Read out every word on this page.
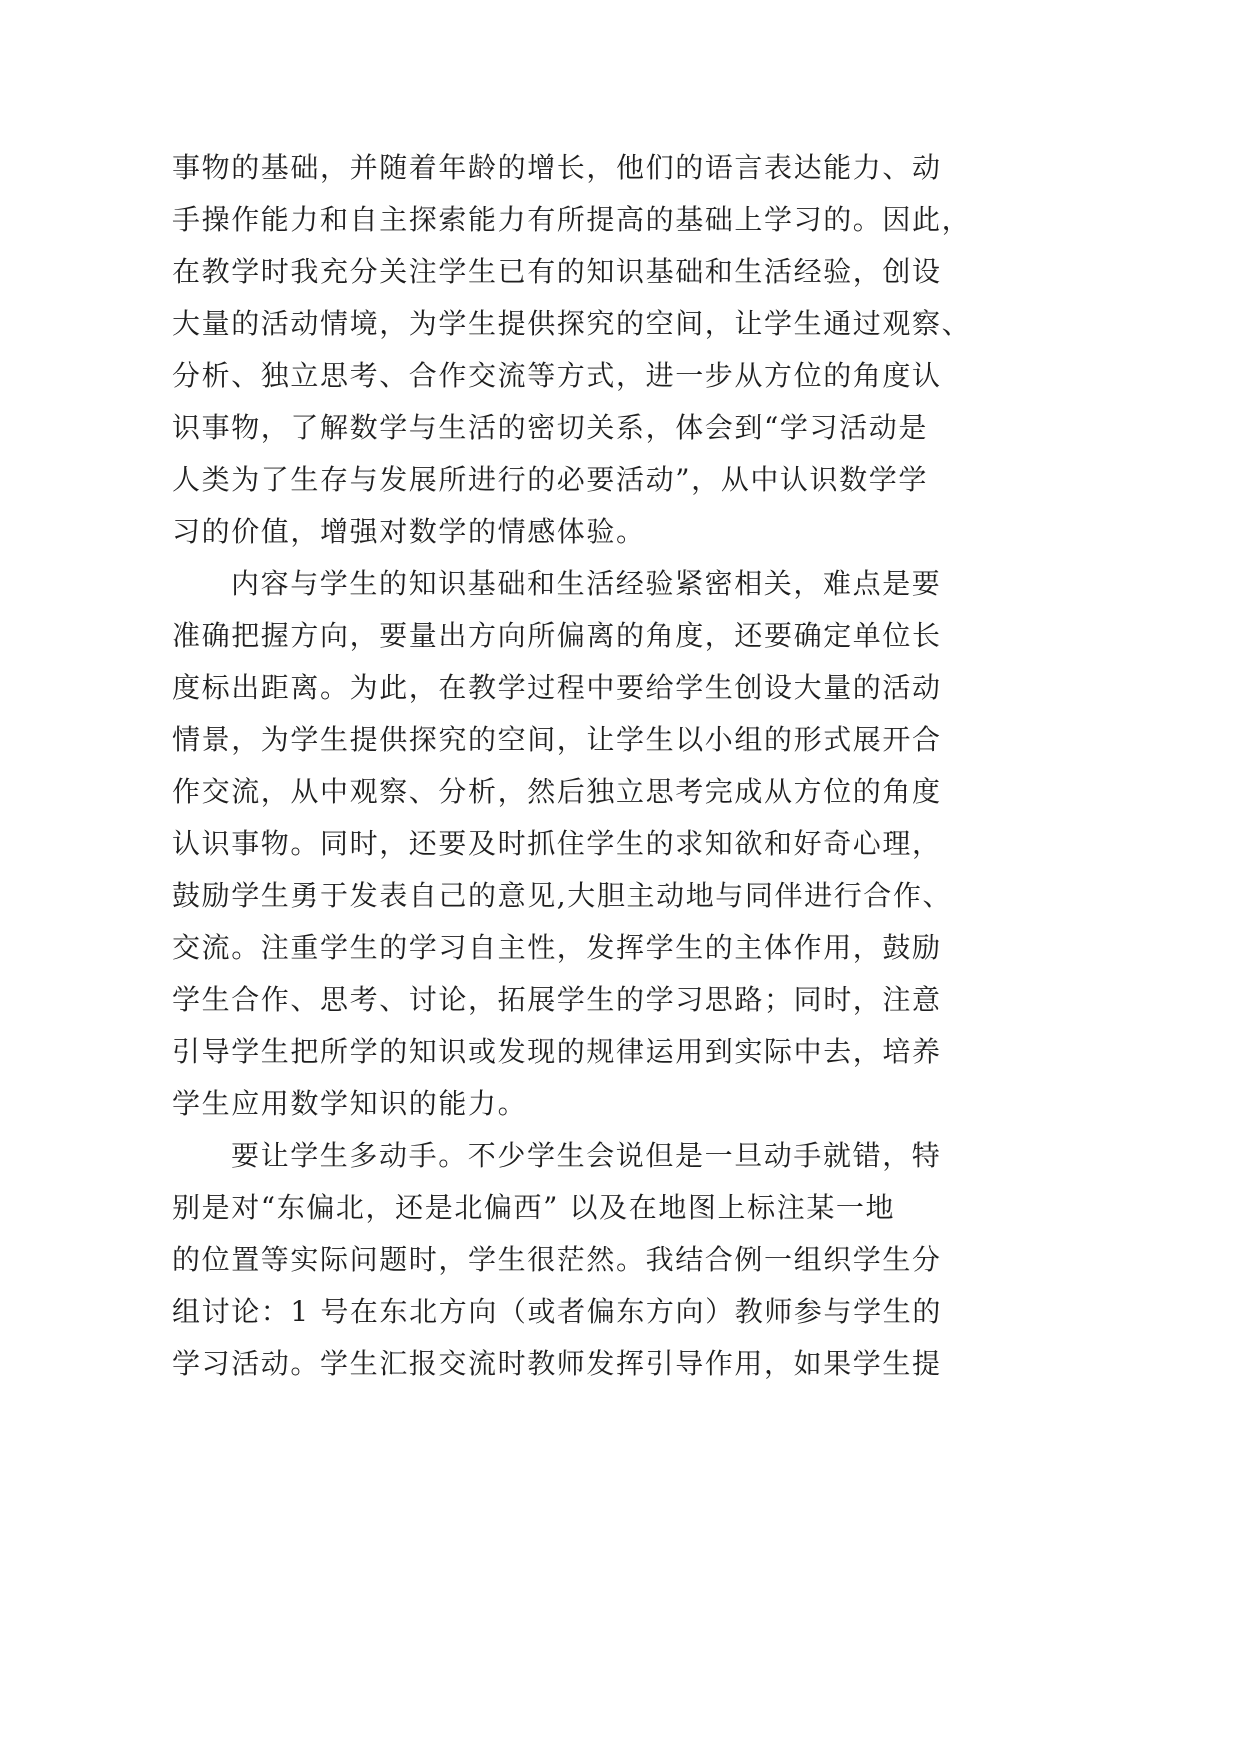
事物的基础，并随着年龄的增长，他们的语言表达能力、动
手操作能力和自主探索能力有所提高的基础上学习的。因此，
在教学时我充分关注学生已有的知识基础和生活经验，创设
大量的活动情境，为学生提供探究的空间，让学生通过观察、
分析、独立思考、合作交流等方式，进一步从方位的角度认
识事物，了解数学与生活的密切关系，体会到“学习活动是
人类为了生存与发展所进行的必要活动”，从中认识数学学
习的价值，增强对数学的情感体验。
内容与学生的知识基础和生活经验紧密相关，难点是要
准确把握方向，要量出方向所偏离的角度，还要确定单位长
度标出距离。为此，在教学过程中要给学生创设大量的活动
情景，为学生提供探究的空间，让学生以小组的形式展开合
作交流，从中观察、分析，然后独立思考完成从方位的角度
认识事物。同时，还要及时抓住学生的求知欲和好奇心理，
鼓励学生勇于发表自己的意见,大胆主动地与同伴进行合作、
交流。注重学生的学习自主性，发挥学生的主体作用，鼓励
学生合作、思考、讨论，拓展学生的学习思路；同时，注意
引导学生把所学的知识或发现的规律运用到实际中去，培养
学生应用数学知识的能力。
要让学生多动手。不少学生会说但是一旦动手就错，特
别是对“东偏北，还是北偏西” 以及在地图上标注某一地
的位置等实际问题时，学生很茫然。我结合例一组织学生分
组讨论：1 号在东北方向（或者偏东方向）教师参与学生的
学习活动。学生汇报交流时教师发挥引导作用，如果学生提
